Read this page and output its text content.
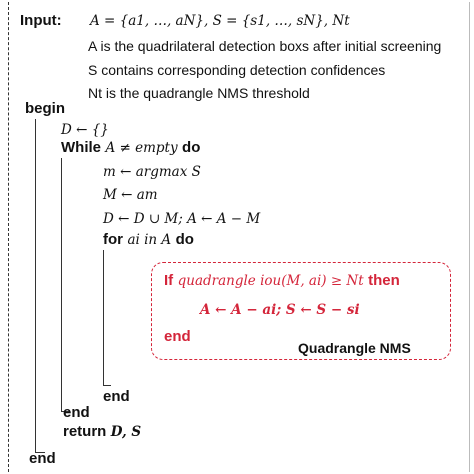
Input: A = {a1, …, aN}, S = {s1, …, sN}, Nt
A is the quadrilateral detection boxs after initial screening
S contains corresponding detection confidences
Nt is the quadrangle NMS threshold
begin
D ← {}
While A ≠ empty do
m ← argmax S
M ← am
D ← D ∪ M; A ← A − M
for ai in A do
If quadrangle iou(M, ai) ≥ Nt then
A ← A − ai; S ← S − si
end
Quadrangle NMS
end
end
return D, S
end
